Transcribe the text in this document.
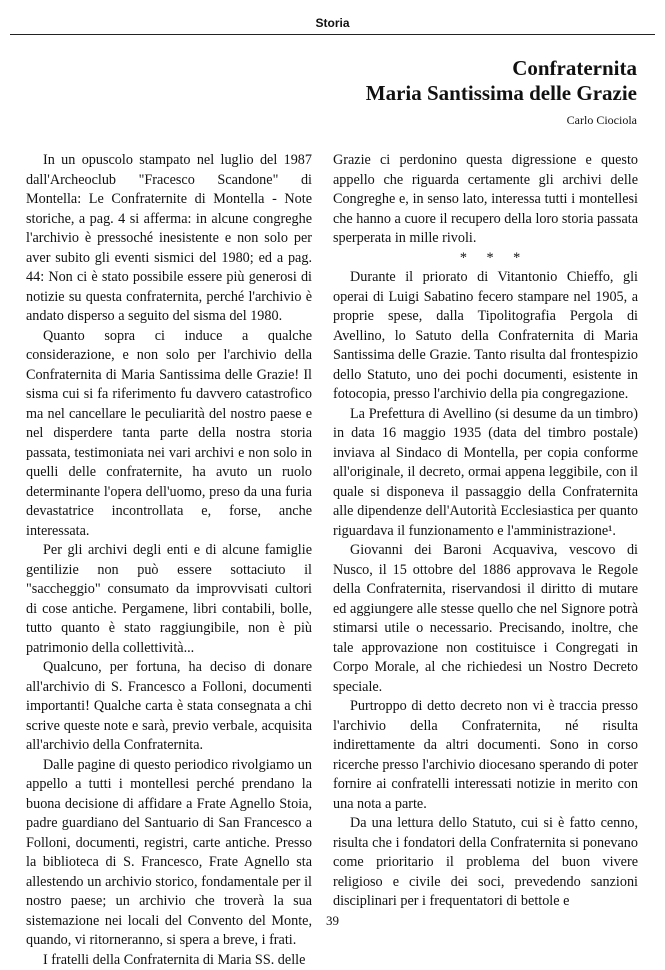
Storia
Confraternita
Maria Santissima delle Grazie
Carlo Ciociola

In un opuscolo stampato nel luglio del 1987 dall'Archeoclub "Fracesco Scandone" di Montella: Le Confraternite di Montella - Note storiche, a pag. 4 si afferma: in alcune congreghe l'archivio è pressoché inesistente e non solo per aver subito gli eventi sismici del 1980; ed a pag. 44: Non ci è stato possibile essere più generosi di notizie su questa confraternita, perché l'archivio è andato disperso a seguito del sisma del 1980.

Quanto sopra ci induce a qualche considerazione, e non solo per l'archivio della Confraternita di Maria Santissima delle Grazie! Il sisma cui si fa riferimento fu davvero catastrofico ma nel cancellare le peculiarità del nostro paese e nel disperdere tanta parte della nostra storia passata, testimoniata nei vari archivi e non solo in quelli delle confraternite, ha avuto un ruolo determinante l'opera dell'uomo, preso da una furia devastatrice incontrollata e, forse, anche interessata.

Per gli archivi degli enti e di alcune famiglie gentilizie non può essere sottaciuto il "saccheggio" consumato da improvvisati cultori di cose antiche. Pergamene, libri contabili, bolle, tutto quanto è stato raggiungibile, non è più patrimonio della collettività...

Qualcuno, per fortuna, ha deciso di donare all'archivio di S. Francesco a Folloni, documenti importanti! Qualche carta è stata consegnata a chi scrive queste note e sarà, previo verbale, acquisita all'archivio della Confraternita.

Dalle pagine di questo periodico rivolgiamo un appello a tutti i montellesi perché prendano la buona decisione di affidare a Frate Agnello Stoia, padre guardiano del Santuario di San Francesco a Folloni, documenti, registri, carte antiche. Presso la biblioteca di S. Francesco, Frate Agnello sta allestendo un archivio storico, fondamentale per il nostro paese; un archivio che troverà la sua sistemazione nei locali del Convento del Monte, quando, vi ritorneranno, si spera a breve, i frati.

I fratelli della Confraternita di Maria SS. delle

Grazie ci perdonino questa digressione e questo appello che riguarda certamente gli archivi delle Congreghe e, in senso lato, interessa tutti i montellesi che hanno a cuore il recupero della loro storia passata sperperata in mille rivoli.

* * *

Durante il priorato di Vitantonio Chieffo, gli operai di Luigi Sabatino fecero stampare nel 1905, a proprie spese, dalla Tipolitografia Pergola di Avellino, lo Satuto della Confraternita di Maria Santissima delle Grazie. Tanto risulta dal frontespizio dello Statuto, uno dei pochi documenti, esistente in fotocopia, presso l'archivio della pia congregazione.

La Prefettura di Avellino (si desume da un timbro) in data 16 maggio 1935 (data del timbro postale) inviava al Sindaco di Montella, per copia conforme all'originale, il decreto, ormai appena leggibile, con il quale si disponeva il passaggio della Confraternita alle dipendenze dell'Autorità Ecclesiastica per quanto riguardava il funzionamento e l'amministrazione¹.

Giovanni dei Baroni Acquaviva, vescovo di Nusco, il 15 ottobre del 1886 approvava le Regole della Confraternita, riservandosi il diritto di mutare ed aggiungere alle stesse quello che nel Signore potrà stimarsi utile o necessario. Precisando, inoltre, che tale approvazione non costituisce i Congregati in Corpo Morale, al che richiedesi un Nostro Decreto speciale.

Purtroppo di detto decreto non vi è traccia presso l'archivio della Confraternita, né risulta indirettamente da altri documenti. Sono in corso ricerche presso l'archivio diocesano sperando di poter fornire ai confratelli interessati notizie in merito con una nota a parte.

Da una lettura dello Statuto, cui si è fatto cenno, risulta che i fondatori della Confraternita si ponevano come prioritario il problema del buon vivere religioso e civile dei soci, prevedendo sanzioni disciplinari per i frequentatori di bettole e

39
